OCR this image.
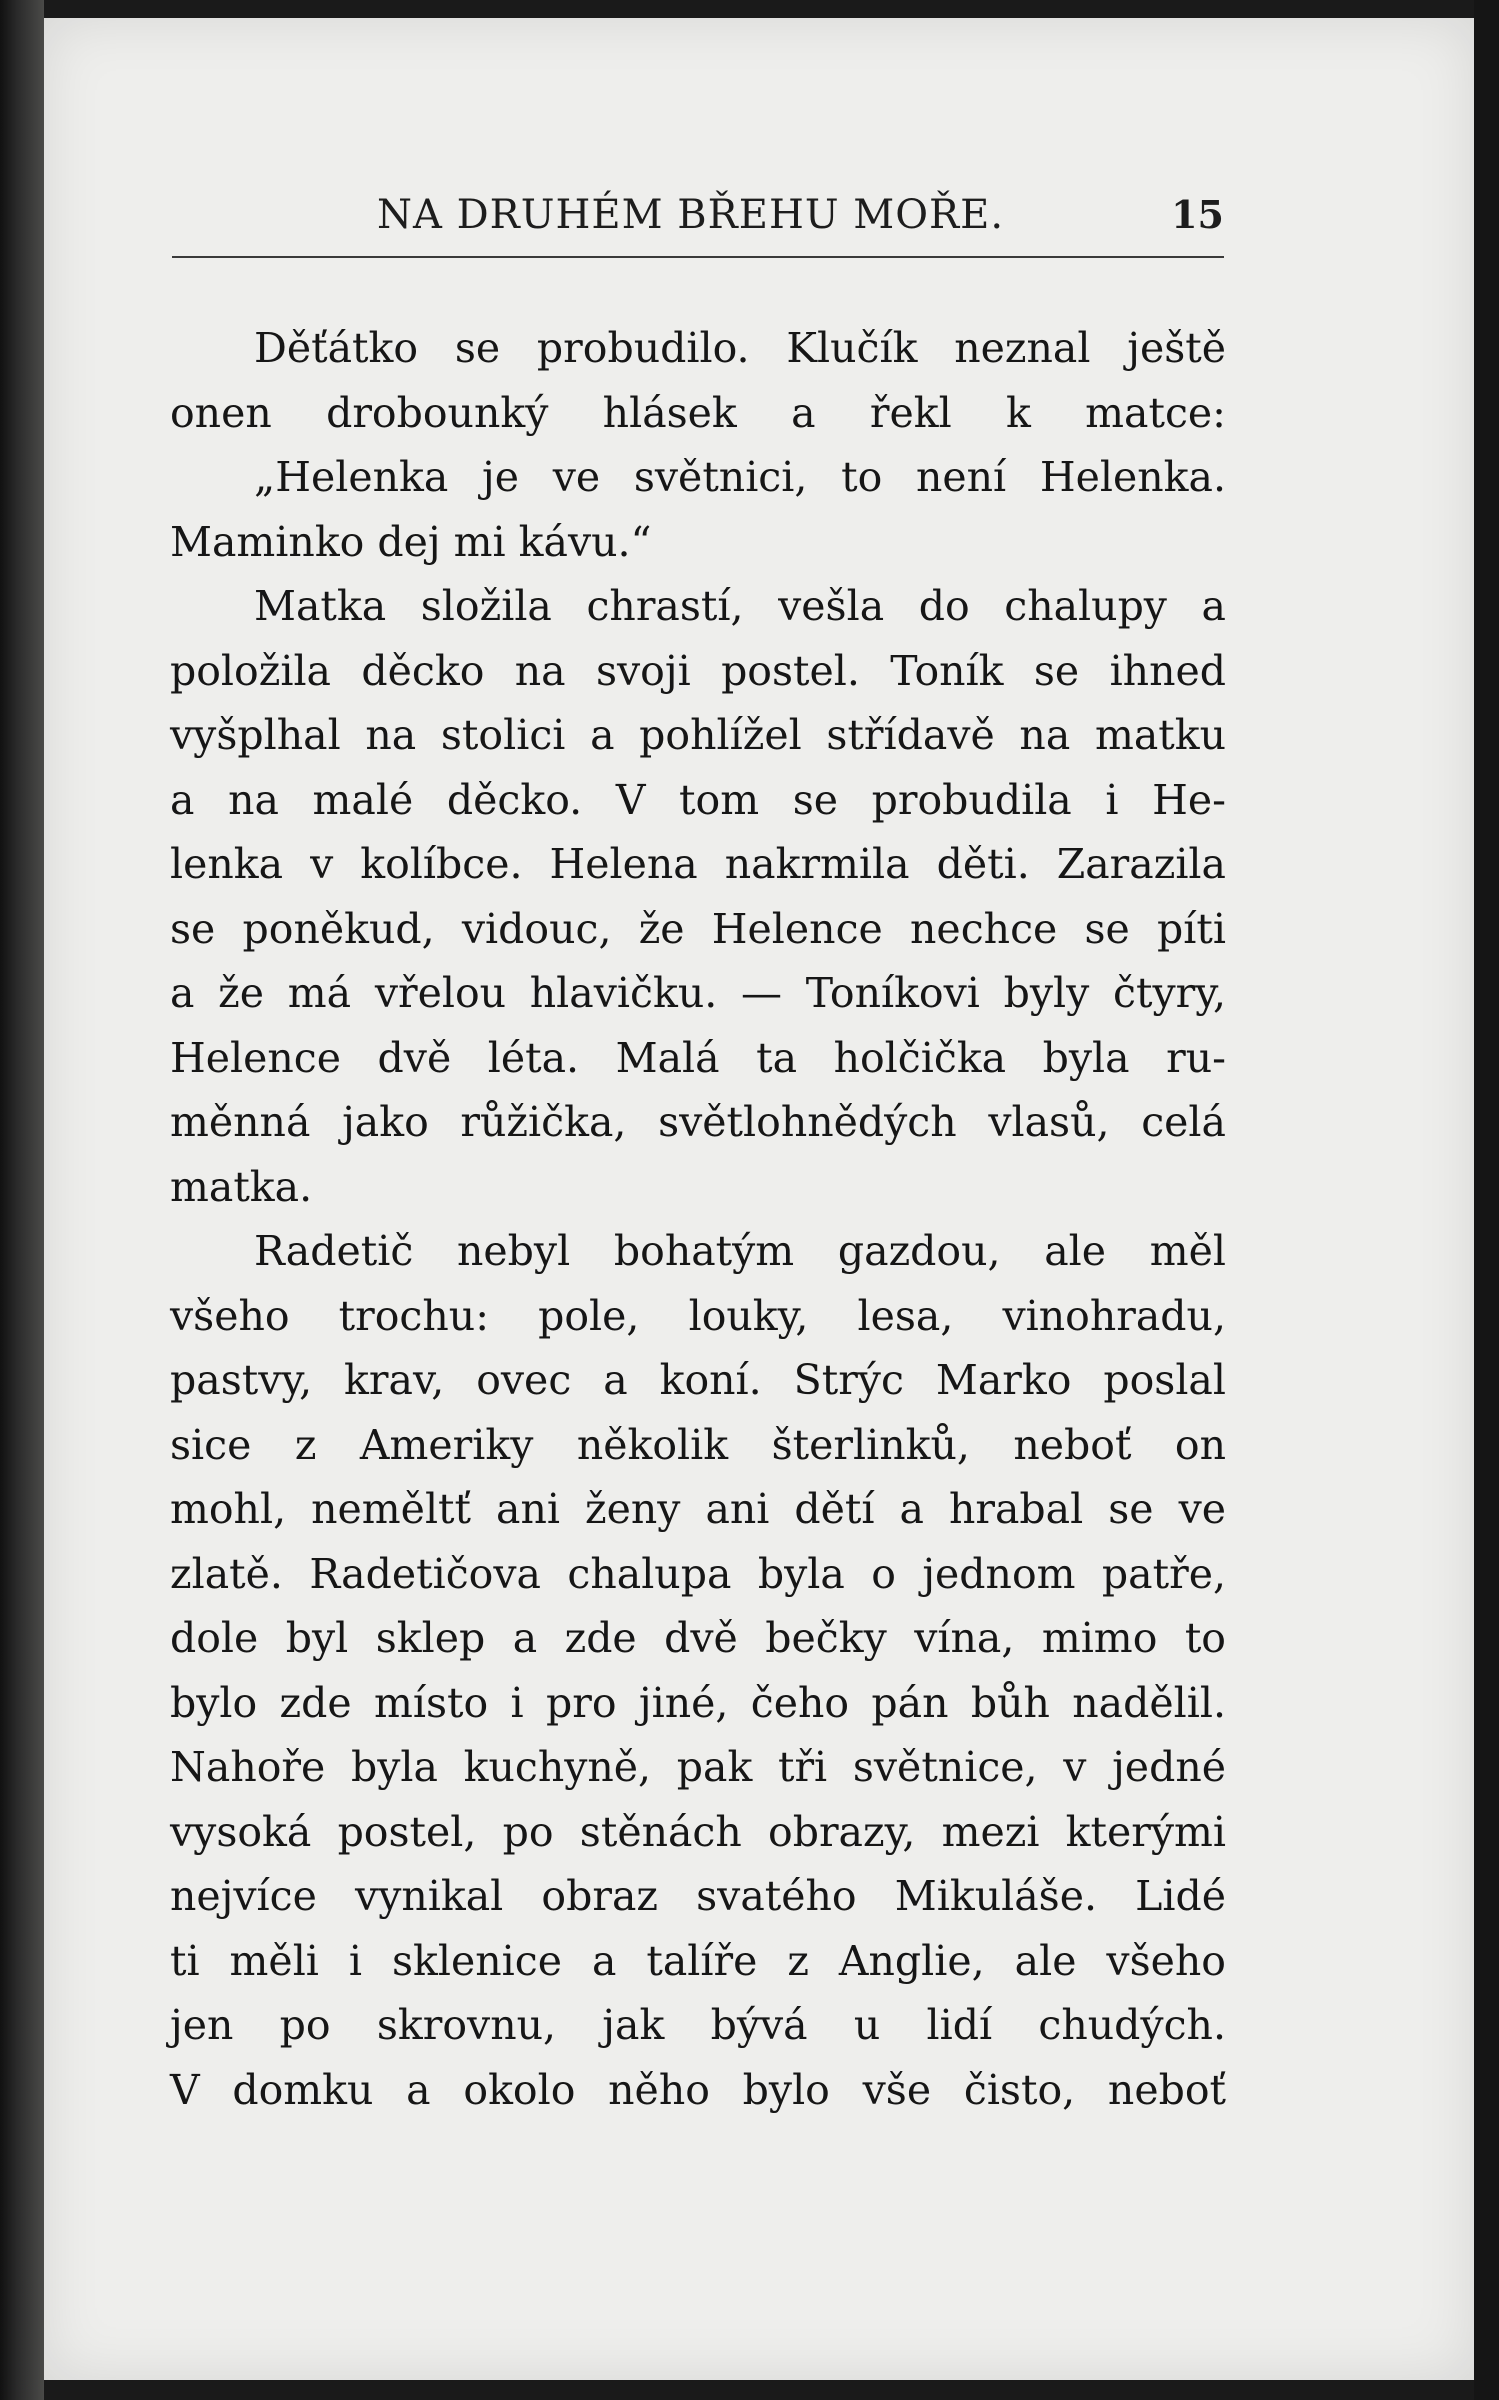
NA DRUHÉM BŘEHU MOŘE.	15
Děťátko se probudilo. Klučík neznal ještě
onen drobounký hlásek a řekl k matce:
„Helenka je ve světnici, to není Helenka.
Maminko dej mi kávu.“
Matka složila chrastí, vešla do chalupy a
položila děcko na svoji postel. Toník se ihned
vyšplhal na stolici a pohlížel střídavě na matku
a na malé děcko. V tom se probudila i He-
lenka v kolíbce. Helena nakrmila děti. Zarazila
se poněkud, vidouc, že Helence nechce se píti
a že má vřelou hlavičku. — Toníkovi byly čtyry,
Helence dvě léta. Malá ta holčička byla ru-
měnná jako růžička, světlohnědých vlasů, celá
matka.
Radetič nebyl bohatým gazdou, ale měl
všeho trochu: pole, louky, lesa, vinohradu,
pastvy, krav, ovec a koní. Strýc Marko poslal
sice z Ameriky několik šterlinků, neboť on
mohl, neměltť ani ženy ani dětí a hrabal se ve
zlatě. Radetičova chalupa byla o jednom patře,
dole byl sklep a zde dvě bečky vína, mimo to
bylo zde místo i pro jiné, čeho pán bůh nadělil.
Nahoře byla kuchyně, pak tři světnice, v jedné
vysoká postel, po stěnách obrazy, mezi kterými
nejvíce vynikal obraz svatého Mikuláše. Lidé
ti měli i sklenice a talíře z Anglie, ale všeho
jen po skrovnu, jak bývá u lidí chudých.
V domku a okolo něho bylo vše čisto, neboť
